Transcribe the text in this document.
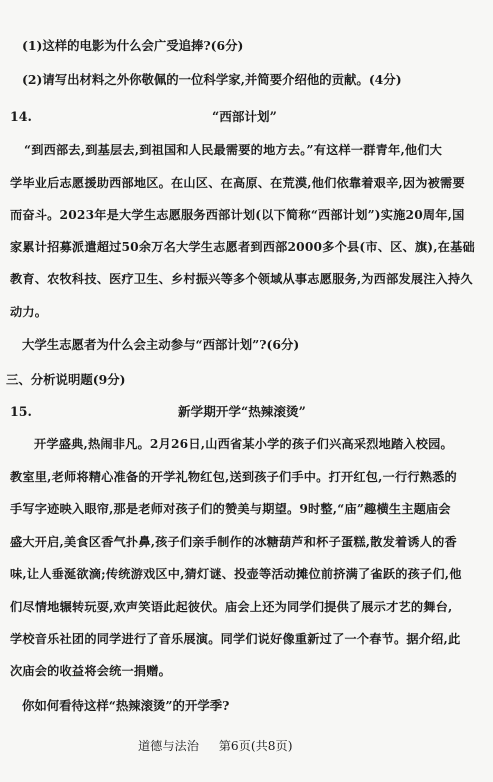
(1)这样的电影为什么会广受追捧?(6分)
(2)请写出材料之外你敬佩的一位科学家,并简要介绍他的贡献。(4分)
14.	“西部计划”
“到西部去,到基层去,到祖国和人民最需要的地方去。”有这样一群青年,他们大
学毕业后志愿援助西部地区。在山区、在高原、在荒漠,他们依靠着艰辛,因为被需要
而奋斗。2023年是大学生志愿服务西部计划(以下简称“西部计划”)实施20周年,国
家累计招募派遣超过50余万名大学生志愿者到西部2000多个县(市、区、旗),在基础
教育、农牧科技、医疗卫生、乡村振兴等多个领域从事志愿服务,为西部发展注入持久
动力。
大学生志愿者为什么会主动参与“西部计划”?(6分)
三、分析说明题(9分)
15.	新学期开学“热辣滚烫”
开学盛典,热闹非凡。2月26日,山西省某小学的孩子们兴高采烈地踏入校园。
教室里,老师将精心准备的开学礼物红包,送到孩子们手中。打开红包,一行行熟悉的
手写字迹映入眼帘,那是老师对孩子们的赞美与期望。9时整,“庙”趣横生主题庙会
盛大开启,美食区香气扑鼻,孩子们亲手制作的冰糖葫芦和杯子蛋糕,散发着诱人的香
味,让人垂涎欲滴;传统游戏区中,猜灯谜、投壶等活动摊位前挤满了雀跃的孩子们,他
们尽情地辗转玩耍,欢声笑语此起彼伏。庙会上还为同学们提供了展示才艺的舞台,
学校音乐社团的同学进行了音乐展演。同学们说好像重新过了一个春节。据介绍,此
次庙会的收益将会统一捐赠。
你如何看待这样“热辣滚烫”的开学季?
道德与法治 第6页(共8页)
